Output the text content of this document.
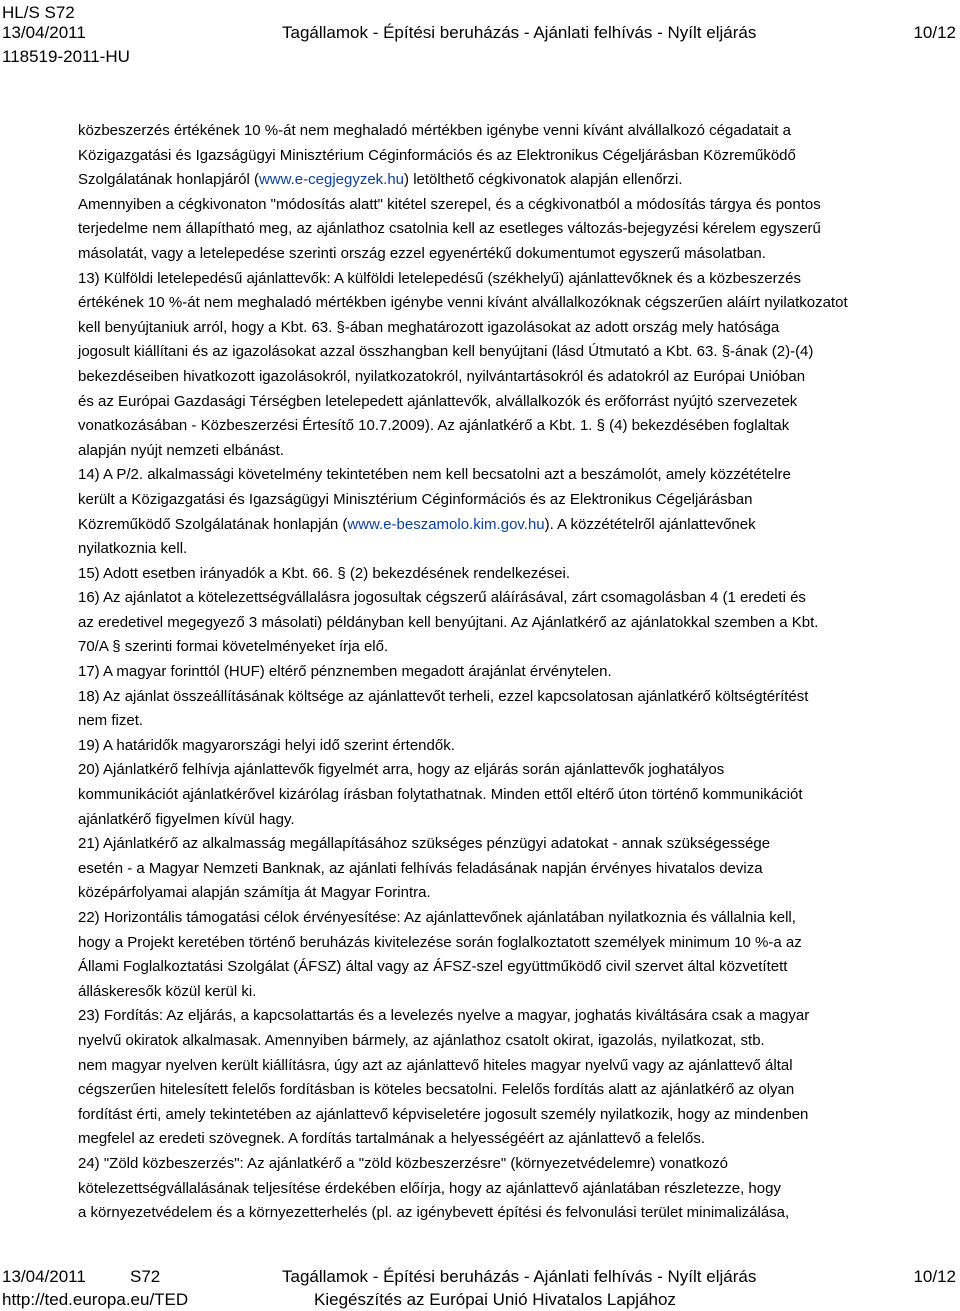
HL/S S72
13/04/2011
118519-2011-HU
Tagállamok - Építési beruházás - Ajánlati felhívás - Nyílt eljárás	10/12

közbeszerzés értékének 10 %-át nem meghaladó mértékben igénybe venni kívánt alvállalkozó cégadatait a

Közigazgatási és Igazságügyi Minisztérium Céginformációs és az Elektronikus Cégeljárásban Közreműködő

Szolgálatának honlapjáról (www.e-cegjegyzek.hu) letölthető cégkivonatok alapján ellenőrzi.

Amennyiben a cégkivonaton "módosítás alatt" kitétel szerepel, és a cégkivonatból a módosítás tárgya és pontos

terjedelme nem állapítható meg, az ajánlathoz csatolnia kell az esetleges változás-bejegyzési kérelem egyszerű

másolatát, vagy a letelepedése szerinti ország ezzel egyenértékű dokumentumot egyszerű másolatban.

13) Külföldi letelepedésű ajánlattevők: A külföldi letelepedésű (székhelyű) ajánlattevőknek és a közbeszerzés

értékének 10 %-át nem meghaladó mértékben igénybe venni kívánt alvállalkozóknak cégszerűen aláírt nyilatkozatot

kell benyújtaniuk arról, hogy a Kbt. 63. §-ában meghatározott igazolásokat az adott ország mely hatósága

jogosult kiállítani és az igazolásokat azzal összhangban kell benyújtani (lásd Útmutató a Kbt. 63. §-ának (2)-(4)

bekezdéseiben hivatkozott igazolásokról, nyilatkozatokról, nyilvántartásokról és adatokról az Európai Unióban

és az Európai Gazdasági Térségben letelepedett ajánlattevők, alvállalkozók és erőforrást nyújtó szervezetek

vonatkozásában - Közbeszerzési Értesítő 10.7.2009). Az ajánlatkérő a Kbt. 1. § (4) bekezdésében foglaltak

alapján nyújt nemzeti elbánást.

14) A P/2. alkalmassági követelmény tekintetében nem kell becsatolni azt a beszámolót, amely közzétételre

került a Közigazgatási és Igazságügyi Minisztérium Céginformációs és az Elektronikus Cégeljárásban

Közreműködő Szolgálatának honlapján (www.e-beszamolo.kim.gov.hu). A közzétételről ajánlattevőnek

nyilatkoznia kell.

15) Adott esetben irányadók a Kbt. 66. § (2) bekezdésének rendelkezései.

16) Az ajánlatot a kötelezettségvállalásra jogosultak cégszerű aláírásával, zárt csomagolásban 4 (1 eredeti és

az eredetivel megegyező 3 másolati) példányban kell benyújtani. Az Ajánlatkérő az ajánlatokkal szemben a Kbt.

70/A § szerinti formai követelményeket írja elő.

17) A magyar forinttól (HUF) eltérő pénznemben megadott árajánlat érvénytelen.

18) Az ajánlat összeállításának költsége az ajánlattevőt terheli, ezzel kapcsolatosan ajánlatkérő költségtérítést

nem fizet.

19) A határidők magyarországi helyi idő szerint értendők.

20) Ajánlatkérő felhívja ajánlattevők figyelmét arra, hogy az eljárás során ajánlattevők joghatályos

kommunikációt ajánlatkérővel kizárólag írásban folytathatnak. Minden ettől eltérő úton történő kommunikációt

ajánlatkérő figyelmen kívül hagy.

21) Ajánlatkérő az alkalmasság megállapításához szükséges pénzügyi adatokat - annak szükségessége

esetén - a Magyar Nemzeti Banknak, az ajánlati felhívás feladásának napján érvényes hivatalos deviza

középárfolyamai alapján számítja át Magyar Forintra.

22) Horizontális támogatási célok érvényesítése: Az ajánlattevőnek ajánlatában nyilatkoznia és vállalnia kell,

hogy a Projekt keretében történő beruházás kivitelezése során foglalkoztatott személyek minimum 10 %-a az

Állami Foglalkoztatási Szolgálat (ÁFSZ) által vagy az ÁFSZ-szel együttműködő civil szervet által közvetített

álláskeresők közül kerül ki.

23) Fordítás: Az eljárás, a kapcsolattartás és a levelezés nyelve a magyar, joghatás kiváltására csak a magyar

nyelvű okiratok alkalmasak. Amennyiben bármely, az ajánlathoz csatolt okirat, igazolás, nyilatkozat, stb.

nem magyar nyelven került kiállításra, úgy azt az ajánlattevő hiteles magyar nyelvű vagy az ajánlattevő által

cégszerűen hitelesített felelős fordításban is köteles becsatolni. Felelős fordítás alatt az ajánlatkérő az olyan

fordítást érti, amely tekintetében az ajánlattevő képviseletére jogosult személy nyilatkozik, hogy az mindenben

megfelel az eredeti szövegnek. A fordítás tartalmának a helyességéért az ajánlattevő a felelős.

24) "Zöld közbeszerzés": Az ajánlatkérő a "zöld közbeszerzésre" (környezetvédelemre) vonatkozó

kötelezettségvállalásának teljesítése érdekében előírja, hogy az ajánlattevő ajánlatában részletezze, hogy

a környezetvédelem és a környezetterhelés (pl. az igénybevett építési és felvonulási terület minimalizálása,

13/04/2011	S72
http://ted.europa.eu/TED
Tagállamok - Építési beruházás - Ajánlati felhívás - Nyílt eljárás
Kiegészítés az Európai Unió Hivatalos Lapjához
10/12
